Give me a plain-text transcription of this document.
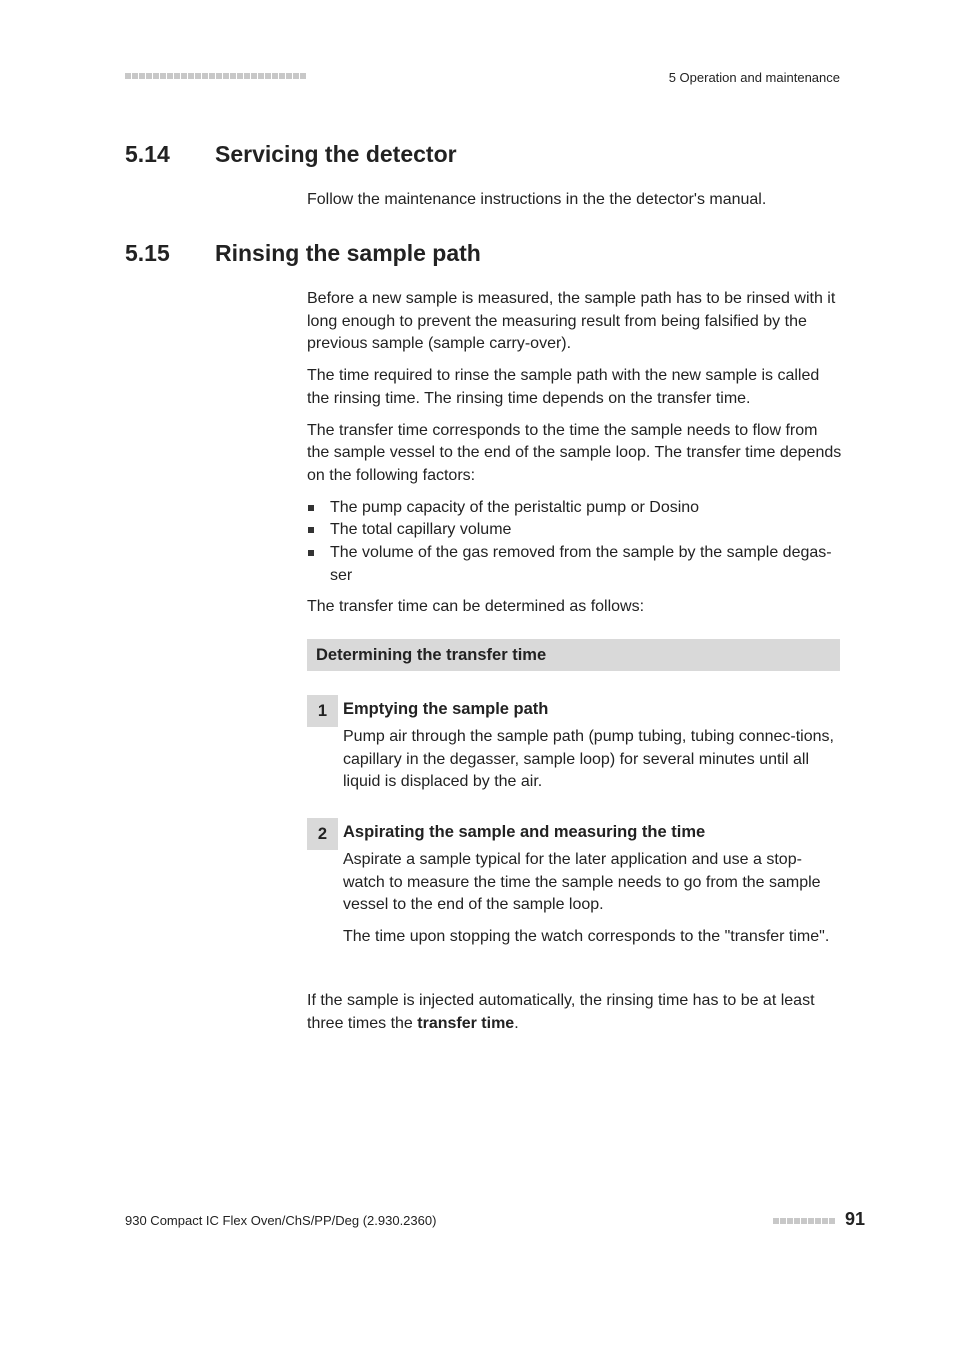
5 Operation and maintenance
5.14 Servicing the detector
Follow the maintenance instructions in the the detector's manual.
5.15 Rinsing the sample path

Before a new sample is measured, the sample path has to be rinsed with it long enough to prevent the measuring result from being falsified by the previous sample (sample carry-over).

The time required to rinse the sample path with the new sample is called the rinsing time. The rinsing time depends on the transfer time.

The transfer time corresponds to the time the sample needs to flow from the sample vessel to the end of the sample loop. The transfer time depends on the following factors:

The pump capacity of the peristaltic pump or Dosino
The total capillary volume
The volume of the gas removed from the sample by the sample degas-ser

The transfer time can be determined as follows:

Determining the transfer time
1 Emptying the sample path
Pump air through the sample path (pump tubing, tubing connec-tions, capillary in the degasser, sample loop) for several minutes until all liquid is displaced by the air.
2 Aspirating the sample and measuring the time

Aspirate a sample typical for the later application and use a stop-watch to measure the time the sample needs to go from the sample vessel to the end of the sample loop.

The time upon stopping the watch corresponds to the "transfer time".

If the sample is injected automatically, the rinsing time has to be at least three times the transfer time.
930 Compact IC Flex Oven/ChS/PP/Deg (2.930.2360)	91
